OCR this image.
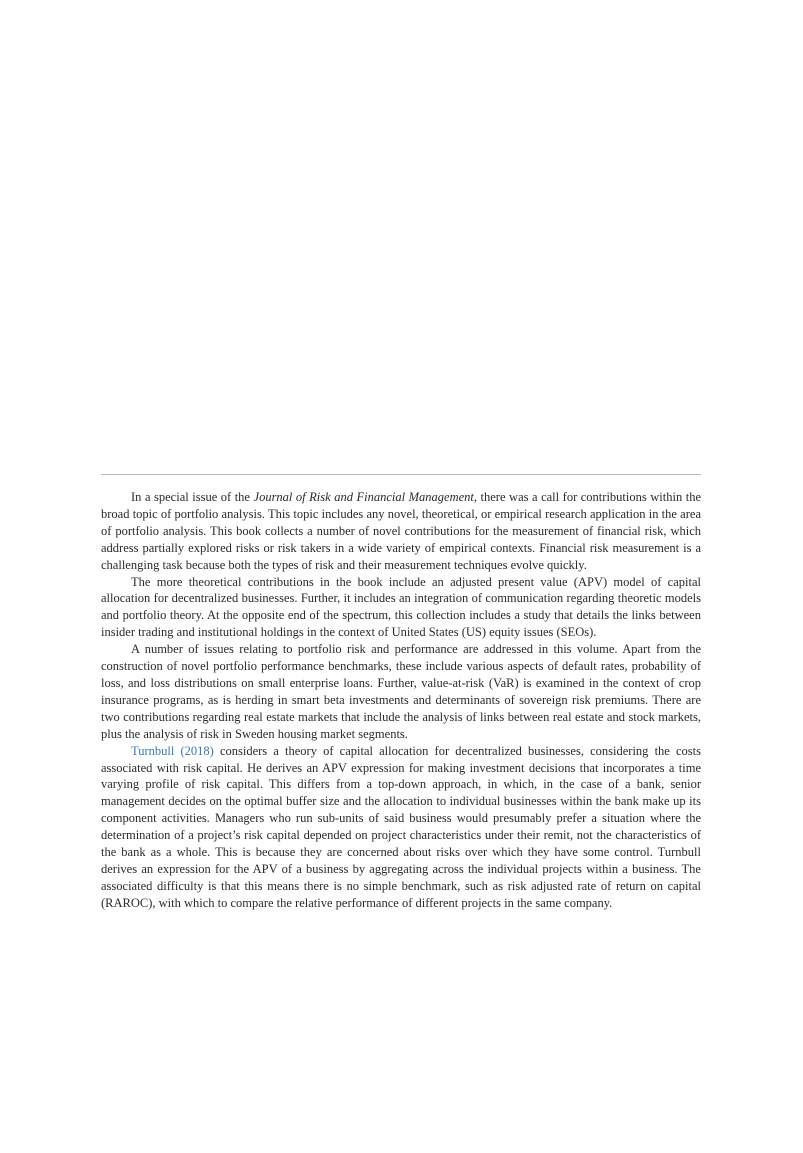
In a special issue of the Journal of Risk and Financial Management, there was a call for contributions within the broad topic of portfolio analysis. This topic includes any novel, theoretical, or empirical research application in the area of portfolio analysis. This book collects a number of novel contributions for the measurement of financial risk, which address partially explored risks or risk takers in a wide variety of empirical contexts. Financial risk measurement is a challenging task because both the types of risk and their measurement techniques evolve quickly.

The more theoretical contributions in the book include an adjusted present value (APV) model of capital allocation for decentralized businesses. Further, it includes an integration of communication regarding theoretic models and portfolio theory. At the opposite end of the spectrum, this collection includes a study that details the links between insider trading and institutional holdings in the context of United States (US) equity issues (SEOs).

A number of issues relating to portfolio risk and performance are addressed in this volume. Apart from the construction of novel portfolio performance benchmarks, these include various aspects of default rates, probability of loss, and loss distributions on small enterprise loans. Further, value-at-risk (VaR) is examined in the context of crop insurance programs, as is herding in smart beta investments and determinants of sovereign risk premiums. There are two contributions regarding real estate markets that include the analysis of links between real estate and stock markets, plus the analysis of risk in Sweden housing market segments.

Turnbull (2018) considers a theory of capital allocation for decentralized businesses, considering the costs associated with risk capital. He derives an APV expression for making investment decisions that incorporates a time varying profile of risk capital. This differs from a top-down approach, in which, in the case of a bank, senior management decides on the optimal buffer size and the allocation to individual businesses within the bank make up its component activities. Managers who run sub-units of said business would presumably prefer a situation where the determination of a project’s risk capital depended on project characteristics under their remit, not the characteristics of the bank as a whole. This is because they are concerned about risks over which they have some control. Turnbull derives an expression for the APV of a business by aggregating across the individual projects within a business. The associated difficulty is that this means there is no simple benchmark, such as risk adjusted rate of return on capital (RAROC), with which to compare the relative performance of different projects in the same company.
